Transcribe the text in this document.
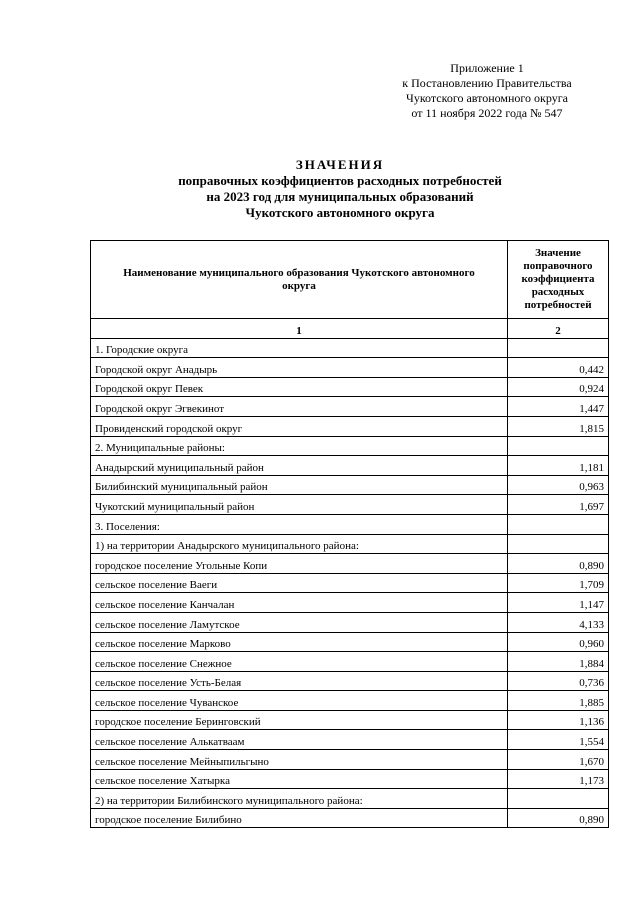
Приложение 1
к Постановлению Правительства
Чукотского автономного округа
от 11 ноября 2022 года № 547
ЗНАЧЕНИЯ
поправочных коэффициентов расходных потребностей
на 2023 год для муниципальных образований
Чукотского автономного округа
Наименование муниципального образования Чукотского автономного округа	Значение поправочного коэффициента расходных потребностей
1	2
1. Городские округа	
Городской округ Анадырь	0,442
Городской округ Певек	0,924
Городской округ Эгвекинот	1,447
Провиденский городской округ	1,815
2. Муниципальные районы:	
Анадырский муниципальный район	1,181
Билибинский муниципальный район	0,963
Чукотский муниципальный район	1,697
3. Поселения:	
1) на территории Анадырского муниципального района:	
городское поселение Угольные Копи	0,890
сельское поселение Ваеги	1,709
сельское поселение Канчалан	1,147
сельское поселение Ламутское	4,133
сельское поселение Марково	0,960
сельское поселение Снежное	1,884
сельское поселение Усть-Белая	0,736
сельское поселение Чуванское	1,885
городское поселение Беринговский	1,136
сельское поселение Алькатваам	1,554
сельское поселение Мейныпильгыно	1,670
сельское поселение Хатырка	1,173
2) на территории Билибинского муниципального района:	
городское поселение Билибино	0,890
